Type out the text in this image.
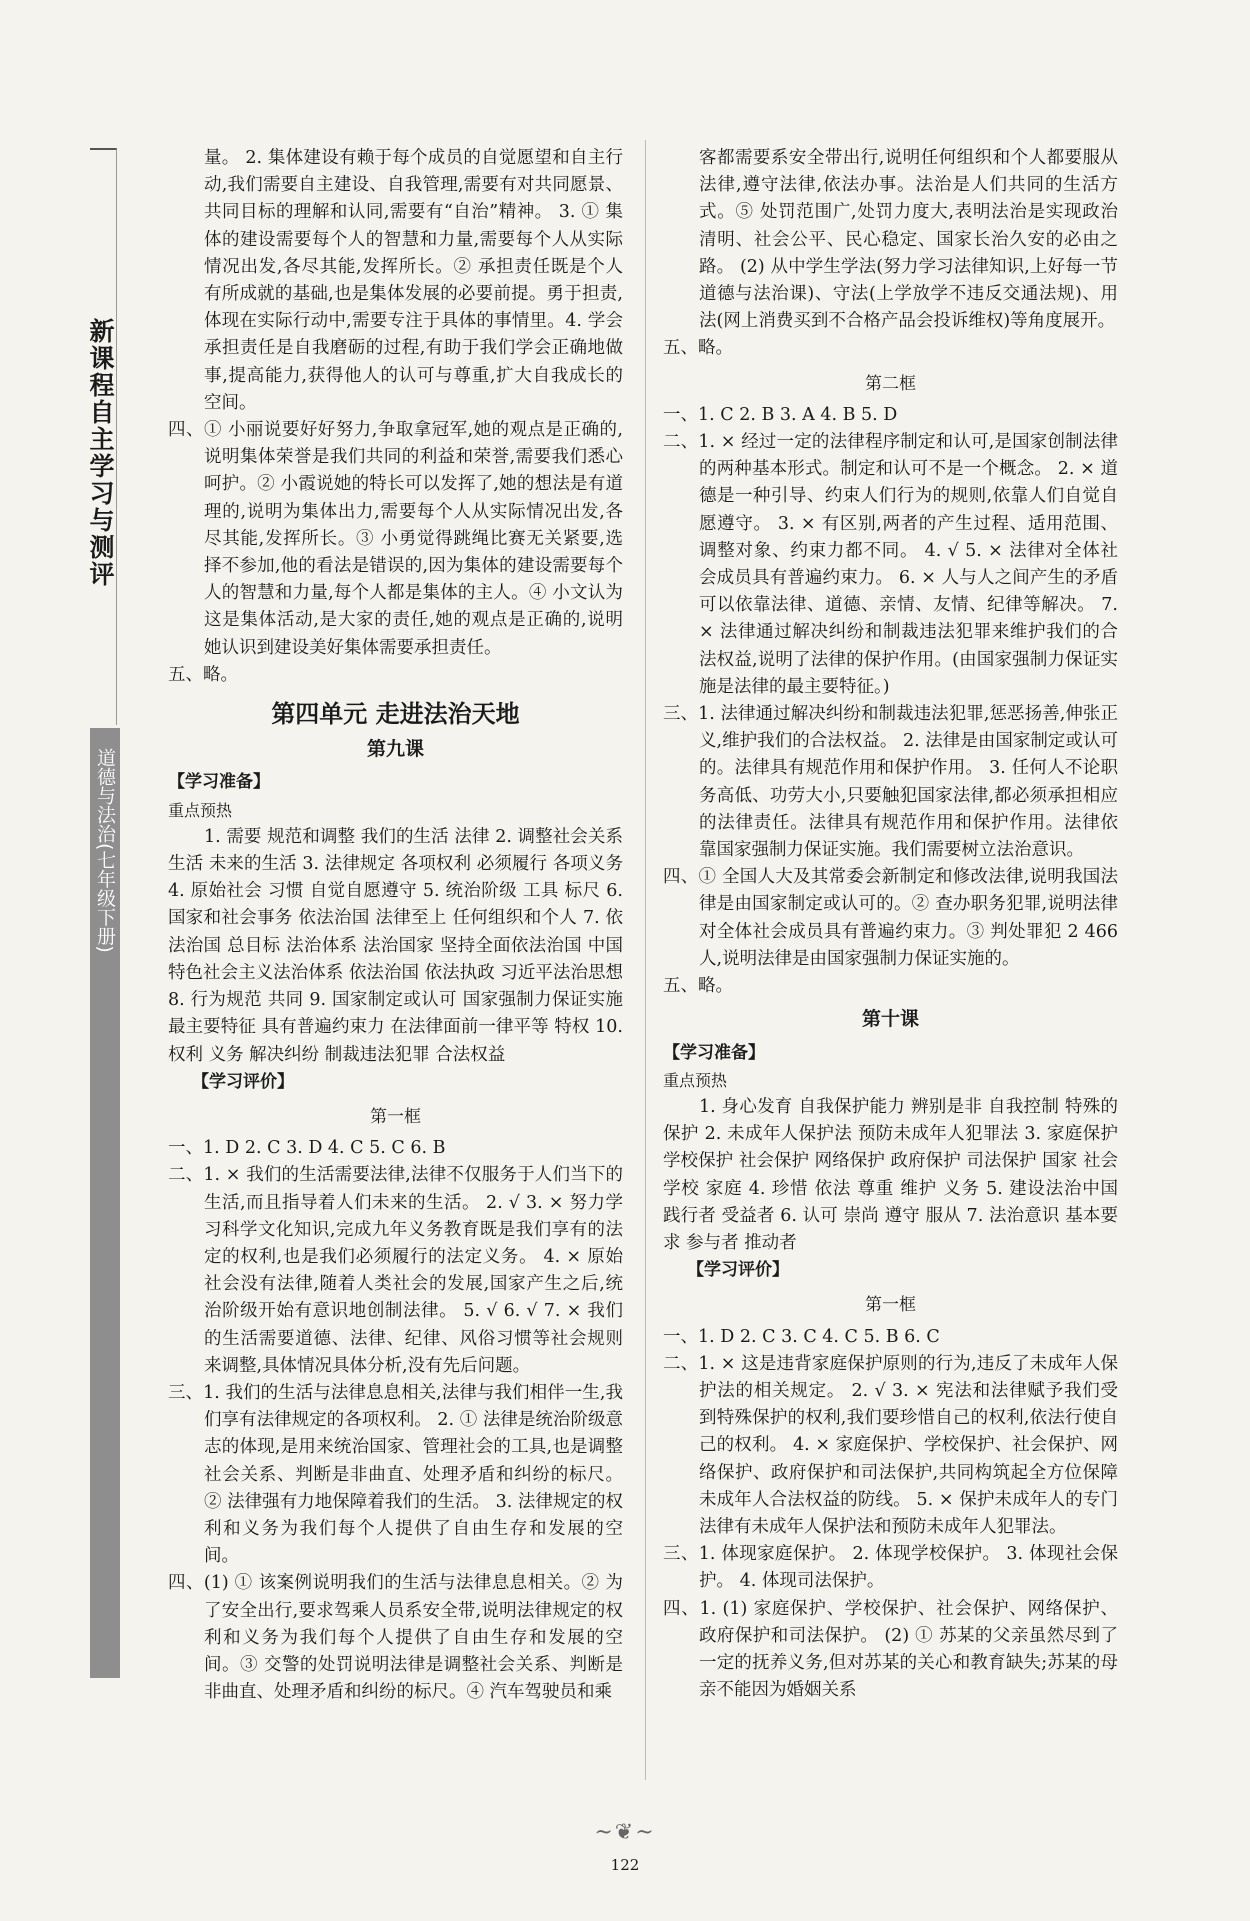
新课程自主学习与测评
道德与法治(七年级下册)

量。 2. 集体建设有赖于每个成员的自觉愿望和自主行动,我们需要自主建设、自我管理,需要有对共同愿景、共同目标的理解和认同,需要有“自治”精神。 3. ① 集体的建设需要每个人的智慧和力量,需要每个人从实际情况出发,各尽其能,发挥所长。② 承担责任既是个人有所成就的基础,也是集体发展的必要前提。勇于担责,体现在实际行动中,需要专注于具体的事情里。4. 学会承担责任是自我磨砺的过程,有助于我们学会正确地做事,提高能力,获得他人的认可与尊重,扩大自我成长的空间。

四、① 小丽说要好好努力,争取拿冠军,她的观点是正确的,说明集体荣誉是我们共同的利益和荣誉,需要我们悉心呵护。② 小霞说她的特长可以发挥了,她的想法是有道理的,说明为集体出力,需要每个人从实际情况出发,各尽其能,发挥所长。③ 小勇觉得跳绳比赛无关紧要,选择不参加,他的看法是错误的,因为集体的建设需要每个人的智慧和力量,每个人都是集体的主人。④ 小文认为这是集体活动,是大家的责任,她的观点是正确的,说明她认识到建设美好集体需要承担责任。

五、略。

第四单元 走进法治天地
第九课
【学习准备】
重点预热

1. 需要 规范和调整 我们的生活 法律 2. 调整社会关系 生活 未来的生活 3. 法律规定 各项权利 必须履行 各项义务 4. 原始社会 习惯 自觉自愿遵守 5. 统治阶级 工具 标尺 6. 国家和社会事务 依法治国 法律至上 任何组织和个人 7. 依法治国 总目标 法治体系 法治国家 坚持全面依法治国 中国特色社会主义法治体系 依法治国 依法执政 习近平法治思想 8. 行为规范 共同 9. 国家制定或认可 国家强制力保证实施 最主要特征 具有普遍约束力 在法律面前一律平等 特权 10. 权利 义务 解决纠纷 制裁违法犯罪 合法权益

【学习评价】
第一框

一、1. D 2. C 3. D 4. C 5. C 6. B

二、1. × 我们的生活需要法律,法律不仅服务于人们当下的生活,而且指导着人们未来的生活。 2. √ 3. × 努力学习科学文化知识,完成九年义务教育既是我们享有的法定的权利,也是我们必须履行的法定义务。 4. × 原始社会没有法律,随着人类社会的发展,国家产生之后,统治阶级开始有意识地创制法律。 5. √ 6. √ 7. × 我们的生活需要道德、法律、纪律、风俗习惯等社会规则来调整,具体情况具体分析,没有先后问题。

三、1. 我们的生活与法律息息相关,法律与我们相伴一生,我们享有法律规定的各项权利。 2. ① 法律是统治阶级意志的体现,是用来统治国家、管理社会的工具,也是调整社会关系、判断是非曲直、处理矛盾和纠纷的标尺。② 法律强有力地保障着我们的生活。 3. 法律规定的权利和义务为我们每个人提供了自由生存和发展的空间。

四、(1) ① 该案例说明我们的生活与法律息息相关。② 为了安全出行,要求驾乘人员系安全带,说明法律规定的权利和义务为我们每个人提供了自由生存和发展的空间。③ 交警的处罚说明法律是调整社会关系、判断是非曲直、处理矛盾和纠纷的标尺。④ 汽车驾驶员和乘

客都需要系安全带出行,说明任何组织和个人都要服从法律,遵守法律,依法办事。法治是人们共同的生活方式。⑤ 处罚范围广,处罚力度大,表明法治是实现政治清明、社会公平、民心稳定、国家长治久安的必由之路。 (2) 从中学生学法(努力学习法律知识,上好每一节道德与法治课)、守法(上学放学不违反交通法规)、用法(网上消费买到不合格产品会投诉维权)等角度展开。

五、略。

第二框

一、1. C 2. B 3. A 4. B 5. D

二、1. × 经过一定的法律程序制定和认可,是国家创制法律的两种基本形式。制定和认可不是一个概念。 2. × 道德是一种引导、约束人们行为的规则,依靠人们自觉自愿遵守。 3. × 有区别,两者的产生过程、适用范围、调整对象、约束力都不同。 4. √ 5. × 法律对全体社会成员具有普遍约束力。 6. × 人与人之间产生的矛盾可以依靠法律、道德、亲情、友情、纪律等解决。 7. × 法律通过解决纠纷和制裁违法犯罪来维护我们的合法权益,说明了法律的保护作用。(由国家强制力保证实施是法律的最主要特征。)

三、1. 法律通过解决纠纷和制裁违法犯罪,惩恶扬善,伸张正义,维护我们的合法权益。 2. 法律是由国家制定或认可的。法律具有规范作用和保护作用。 3. 任何人不论职务高低、功劳大小,只要触犯国家法律,都必须承担相应的法律责任。法律具有规范作用和保护作用。法律依靠国家强制力保证实施。我们需要树立法治意识。

四、① 全国人大及其常委会新制定和修改法律,说明我国法律是由国家制定或认可的。② 查办职务犯罪,说明法律对全体社会成员具有普遍约束力。③ 判处罪犯 2 466 人,说明法律是由国家强制力保证实施的。

五、略。

第十课
【学习准备】
重点预热

1. 身心发育 自我保护能力 辨别是非 自我控制 特殊的保护 2. 未成年人保护法 预防未成年人犯罪法 3. 家庭保护 学校保护 社会保护 网络保护 政府保护 司法保护 国家 社会 学校 家庭 4. 珍惜 依法 尊重 维护 义务 5. 建设法治中国 践行者 受益者 6. 认可 崇尚 遵守 服从 7. 法治意识 基本要求 参与者 推动者

【学习评价】
第一框

一、1. D 2. C 3. C 4. C 5. B 6. C

二、1. × 这是违背家庭保护原则的行为,违反了未成年人保护法的相关规定。 2. √ 3. × 宪法和法律赋予我们受到特殊保护的权利,我们要珍惜自己的权利,依法行使自己的权利。 4. × 家庭保护、学校保护、社会保护、网络保护、政府保护和司法保护,共同构筑起全方位保障未成年人合法权益的防线。 5. × 保护未成年人的专门法律有未成年人保护法和预防未成年人犯罪法。

三、1. 体现家庭保护。 2. 体现学校保护。 3. 体现社会保护。 4. 体现司法保护。

四、1. (1) 家庭保护、学校保护、社会保护、网络保护、政府保护和司法保护。 (2) ① 苏某的父亲虽然尽到了一定的抚养义务,但对苏某的关心和教育缺失;苏某的母亲不能因为婚姻关系

~❦~
122
